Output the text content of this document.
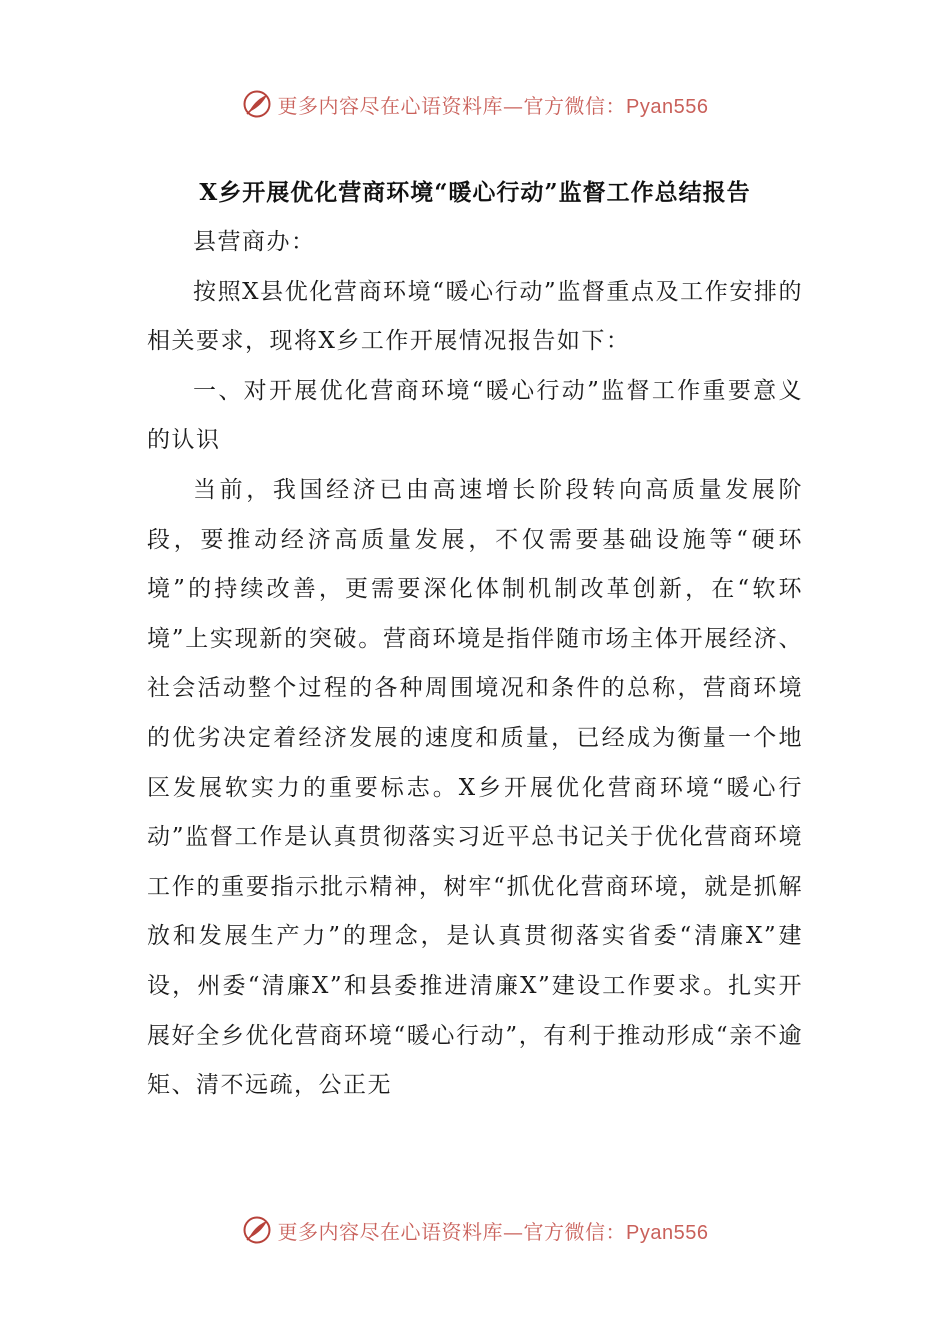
更多内容尽在心语资料库—官方微信：Pyan556
X乡开展优化营商环境“暖心行动”监督工作总结报告

县营商办：

按照X县优化营商环境“暖心行动”监督重点及工作安排的相关要求，现将X乡工作开展情况报告如下：

一、对开展优化营商环境“暖心行动”监督工作重要意义的认识

当前，我国经济已由高速增长阶段转向高质量发展阶段，要推动经济高质量发展，不仅需要基础设施等“硬环境”的持续改善，更需要深化体制机制改革创新，在“软环境”上实现新的突破。营商环境是指伴随市场主体开展经济、社会活动整个过程的各种周围境况和条件的总称，营商环境的优劣决定着经济发展的速度和质量，已经成为衡量一个地区发展软实力的重要标志。X乡开展优化营商环境“暖心行动”监督工作是认真贯彻落实习近平总书记关于优化营商环境工作的重要指示批示精神，树牢“抓优化营商环境，就是抓解放和发展生产力”的理念，是认真贯彻落实省委“清廉X”建设，州委“清廉X”和县委推进清廉X”建设工作要求。扎实开展好全乡优化营商环境“暖心行动”，有利于推动形成“亲不逾矩、清不远疏，公正无

更多内容尽在心语资料库—官方微信：Pyan556
